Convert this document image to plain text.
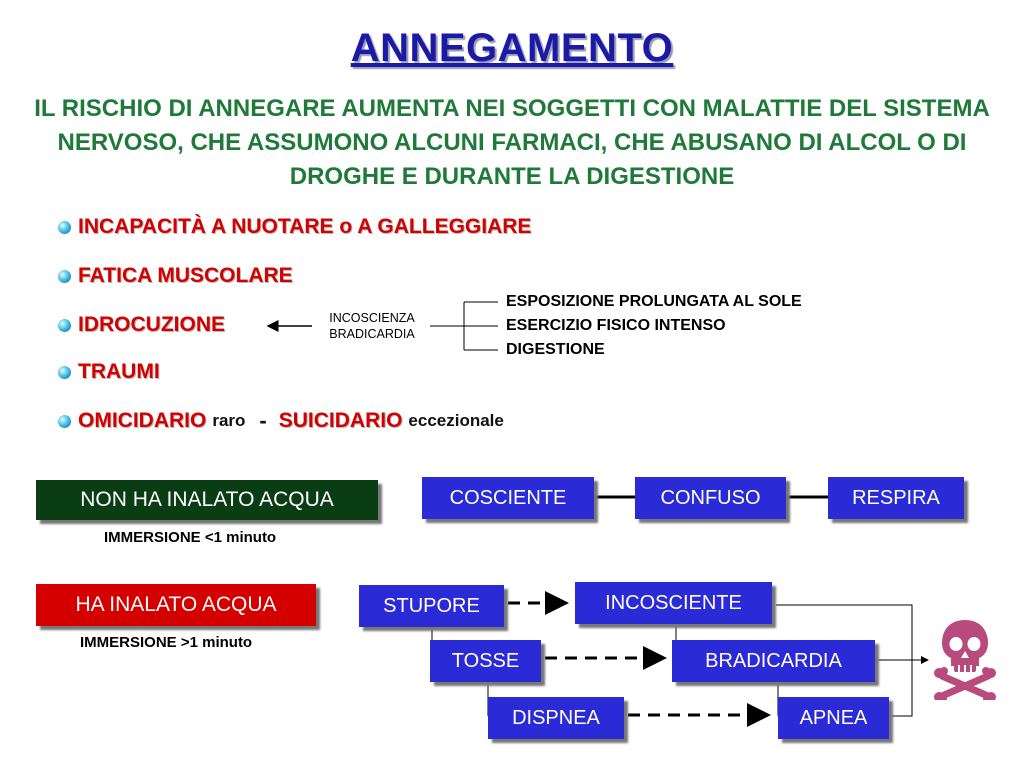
ANNEGAMENTO
IL RISCHIO DI ANNEGARE AUMENTA NEI SOGGETTI CON MALATTIE DEL SISTEMA NERVOSO, CHE ASSUMONO ALCUNI FARMACI, CHE ABUSANO DI ALCOL O DI DROGHE E DURANTE LA DIGESTIONE
INCAPACITÀ A NUOTARE o A GALLEGGIARE
FATICA MUSCOLARE
IDROCUZIONE
TRAUMI
OMICIDARIO raro - SUICIDARIO eccezionale
INCOSCIENZA
BRADICARDIA
ESPOSIZIONE PROLUNGATA AL SOLE
ESERCIZIO FISICO INTENSO
DIGESTIONE
NON HA INALATO ACQUA
IMMERSIONE <1 minuto
COSCIENTE	CONFUSO	RESPIRA
HA INALATO ACQUA
IMMERSIONE >1 minuto
STUPORE
TOSSE
DISPNEA
INCOSCIENTE
BRADICARDIA
APNEA
